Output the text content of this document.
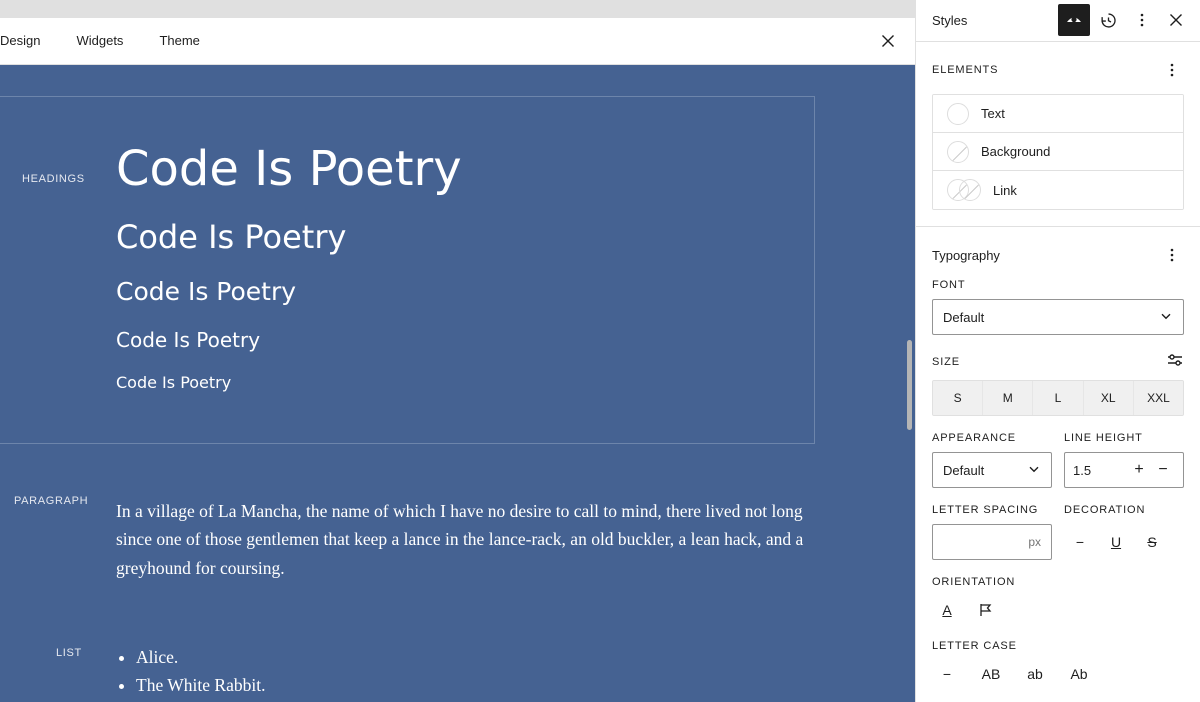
Design	Widgets	Theme
HEADINGS Code Is Poetry
Code Is Poetry
Code Is Poetry
Code Is Poetry
Code Is Poetry
PARAGRAPH In a village of La Mancha, the name of which I have no desire to call to mind, there lived not long since one of those gentlemen that keep a lance in the lance-rack, an old buckler, a lean hack, and a greyhound for coursing.
LIST	• Alice.
• The White Rabbit.
Styles
ELEMENTS
Text
Background
Link
Typography
FONT
Default
SIZE
S	M	L	XL	XXL
APPEARANCE
Default
LINE HEIGHT
1.5	+ −
LETTER SPACING
px
DECORATION
−	U	S
ORIENTATION
A
LETTER CASE
−	AB	ab	Ab
